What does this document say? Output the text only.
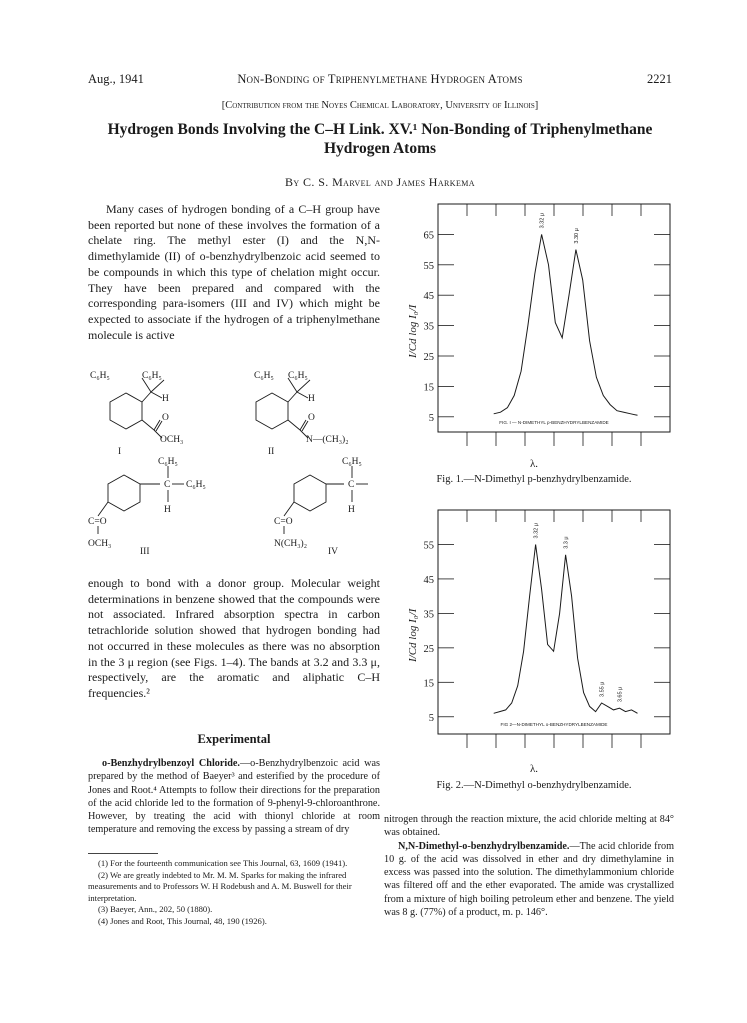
Aug., 1941	Non-Bonding of Triphenylmethane Hydrogen Atoms	2221
[Contribution from the Noyes Chemical Laboratory, University of Illinois]
Hydrogen Bonds Involving the C–H Link. XV.¹ Non-Bonding of Triphenylmethane
Hydrogen Atoms
By C. S. Marvel and James Harkema
Many cases of hydrogen bonding of a C–H group have been reported but none of these involves the formation of a chelate ring. The methyl ester (I) and the N,N-dimethylamide (II) of o-benzhydrylbenzoic acid seemed to be compounds in which this type of chelation might occur. They have been prepared and compared with the corresponding para-isomers (III and IV) which might be expected to associate if the hydrogen of a triphenylmethane molecule is active
C₆H₅	C₆H₅
H
O
OCH₃
I
C₆H₅ C₆H₅
H
O
N—(CH₃)₂
II
C₆H₅
C C₆H₅
H
C=O
OCH₃
III
C₆H₅
C
H
C=O
N(CH₃)₂
IV
enough to bond with a donor group. Molecular weight determinations in benzene showed that the compounds were not associated. Infrared absorption spectra in carbon tetrachloride solution showed that hydrogen bonding had not occurred in these molecules as there was no absorption in the 3 μ region (see Figs. 1–4). The bands at 3.2 and 3.3 μ, respectively, are the aromatic and aliphatic C–H frequencies.²
Experimental
o-Benzhydrylbenzoyl Chloride.—o-Benzhydrylbenzoic acid was prepared by the method of Baeyer³ and esterified by the procedure of Jones and Root.⁴ Attempts to follow their directions for the preparation of the acid chloride led to the formation of 9-phenyl-9-chloroanthrone. However, by treating the acid with thionyl chloride at room temperature and removing the excess by passing a stream of dry
(1) For the fourteenth communication see This Journal, 63, 1609 (1941).
(2) We are greatly indebted to Mr. M. M. Sparks for making the infrared measurements and to Professors W. H Rodebush and A. M. Buswell for their interpretation.
(3) Baeyer, Ann., 202, 50 (1880).
(4) Jones and Root, This Journal, 48, 190 (1926).
nitrogen through the reaction mixture, the acid chloride melting at 84° was obtained.
N,N-Dimethyl-o-benzhydrylbenzamide.—The acid chloride from 10 g. of the acid was dissolved in ether and dry dimethylamine in excess was passed into the solution. The dimethylammonium chloride was filtered off and the ether evaporated. The amide was crystallized from a mixture of high boiling petroleum ether and benzene. The yield was 8 g. (77%) of a product, m. p. 146°.
5
15
25
35
45
55
65
I/Cd log I₀/I
3.32 μ
3.30 μ
FIG. I — N-DIMETHYL p-BENZHYDRYLBENZAMIDE
λ.
Fig. 1.—N-Dimethyl p-benzhydrylbenzamide.
5
15
25
35
45
55
I/Cd log I₀/I
3.32 μ
3.3 μ
3.55 μ 3.65 μ
FIG 2—N-DIMETHYL o-BENZHYDRYLBENZAMIDE
λ.
Fig. 2.—N-Dimethyl o-benzhydrylbenzamide.
